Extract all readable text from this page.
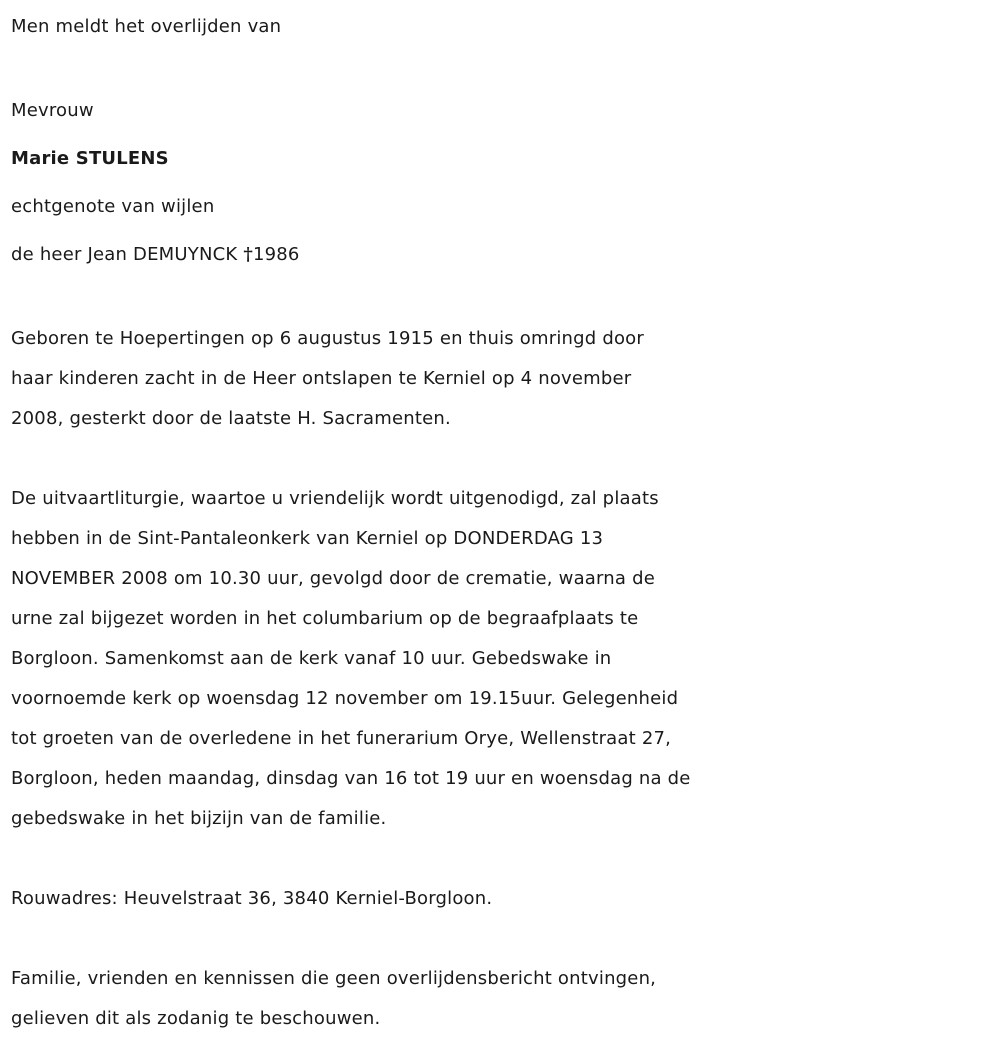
Men meldt het overlijden van
Mevrouw
Marie STULENS
echtgenote van wijlen
de heer Jean DEMUYNCK †1986
Geboren te Hoepertingen op 6 augustus 1915 en thuis omringd door
haar kinderen zacht in de Heer ontslapen te Kerniel op 4 november
2008, gesterkt door de laatste H. Sacramenten.
De uitvaartliturgie, waartoe u vriendelijk wordt uitgenodigd, zal plaats
hebben in de Sint-Pantaleonkerk van Kerniel op DONDERDAG 13
NOVEMBER 2008 om 10.30 uur, gevolgd door de crematie, waarna de
urne zal bijgezet worden in het columbarium op de begraafplaats te
Borgloon. Samenkomst aan de kerk vanaf 10 uur. Gebedswake in
voornoemde kerk op woensdag 12 november om 19.15uur. Gelegenheid
tot groeten van de overledene in het funerarium Orye, Wellenstraat 27,
Borgloon, heden maandag, dinsdag van 16 tot 19 uur en woensdag na de
gebedswake in het bijzijn van de familie.
Rouwadres: Heuvelstraat 36, 3840 Kerniel-Borgloon.
Familie, vrienden en kennissen die geen overlijdensbericht ontvingen,
gelieven dit als zodanig te beschouwen.
